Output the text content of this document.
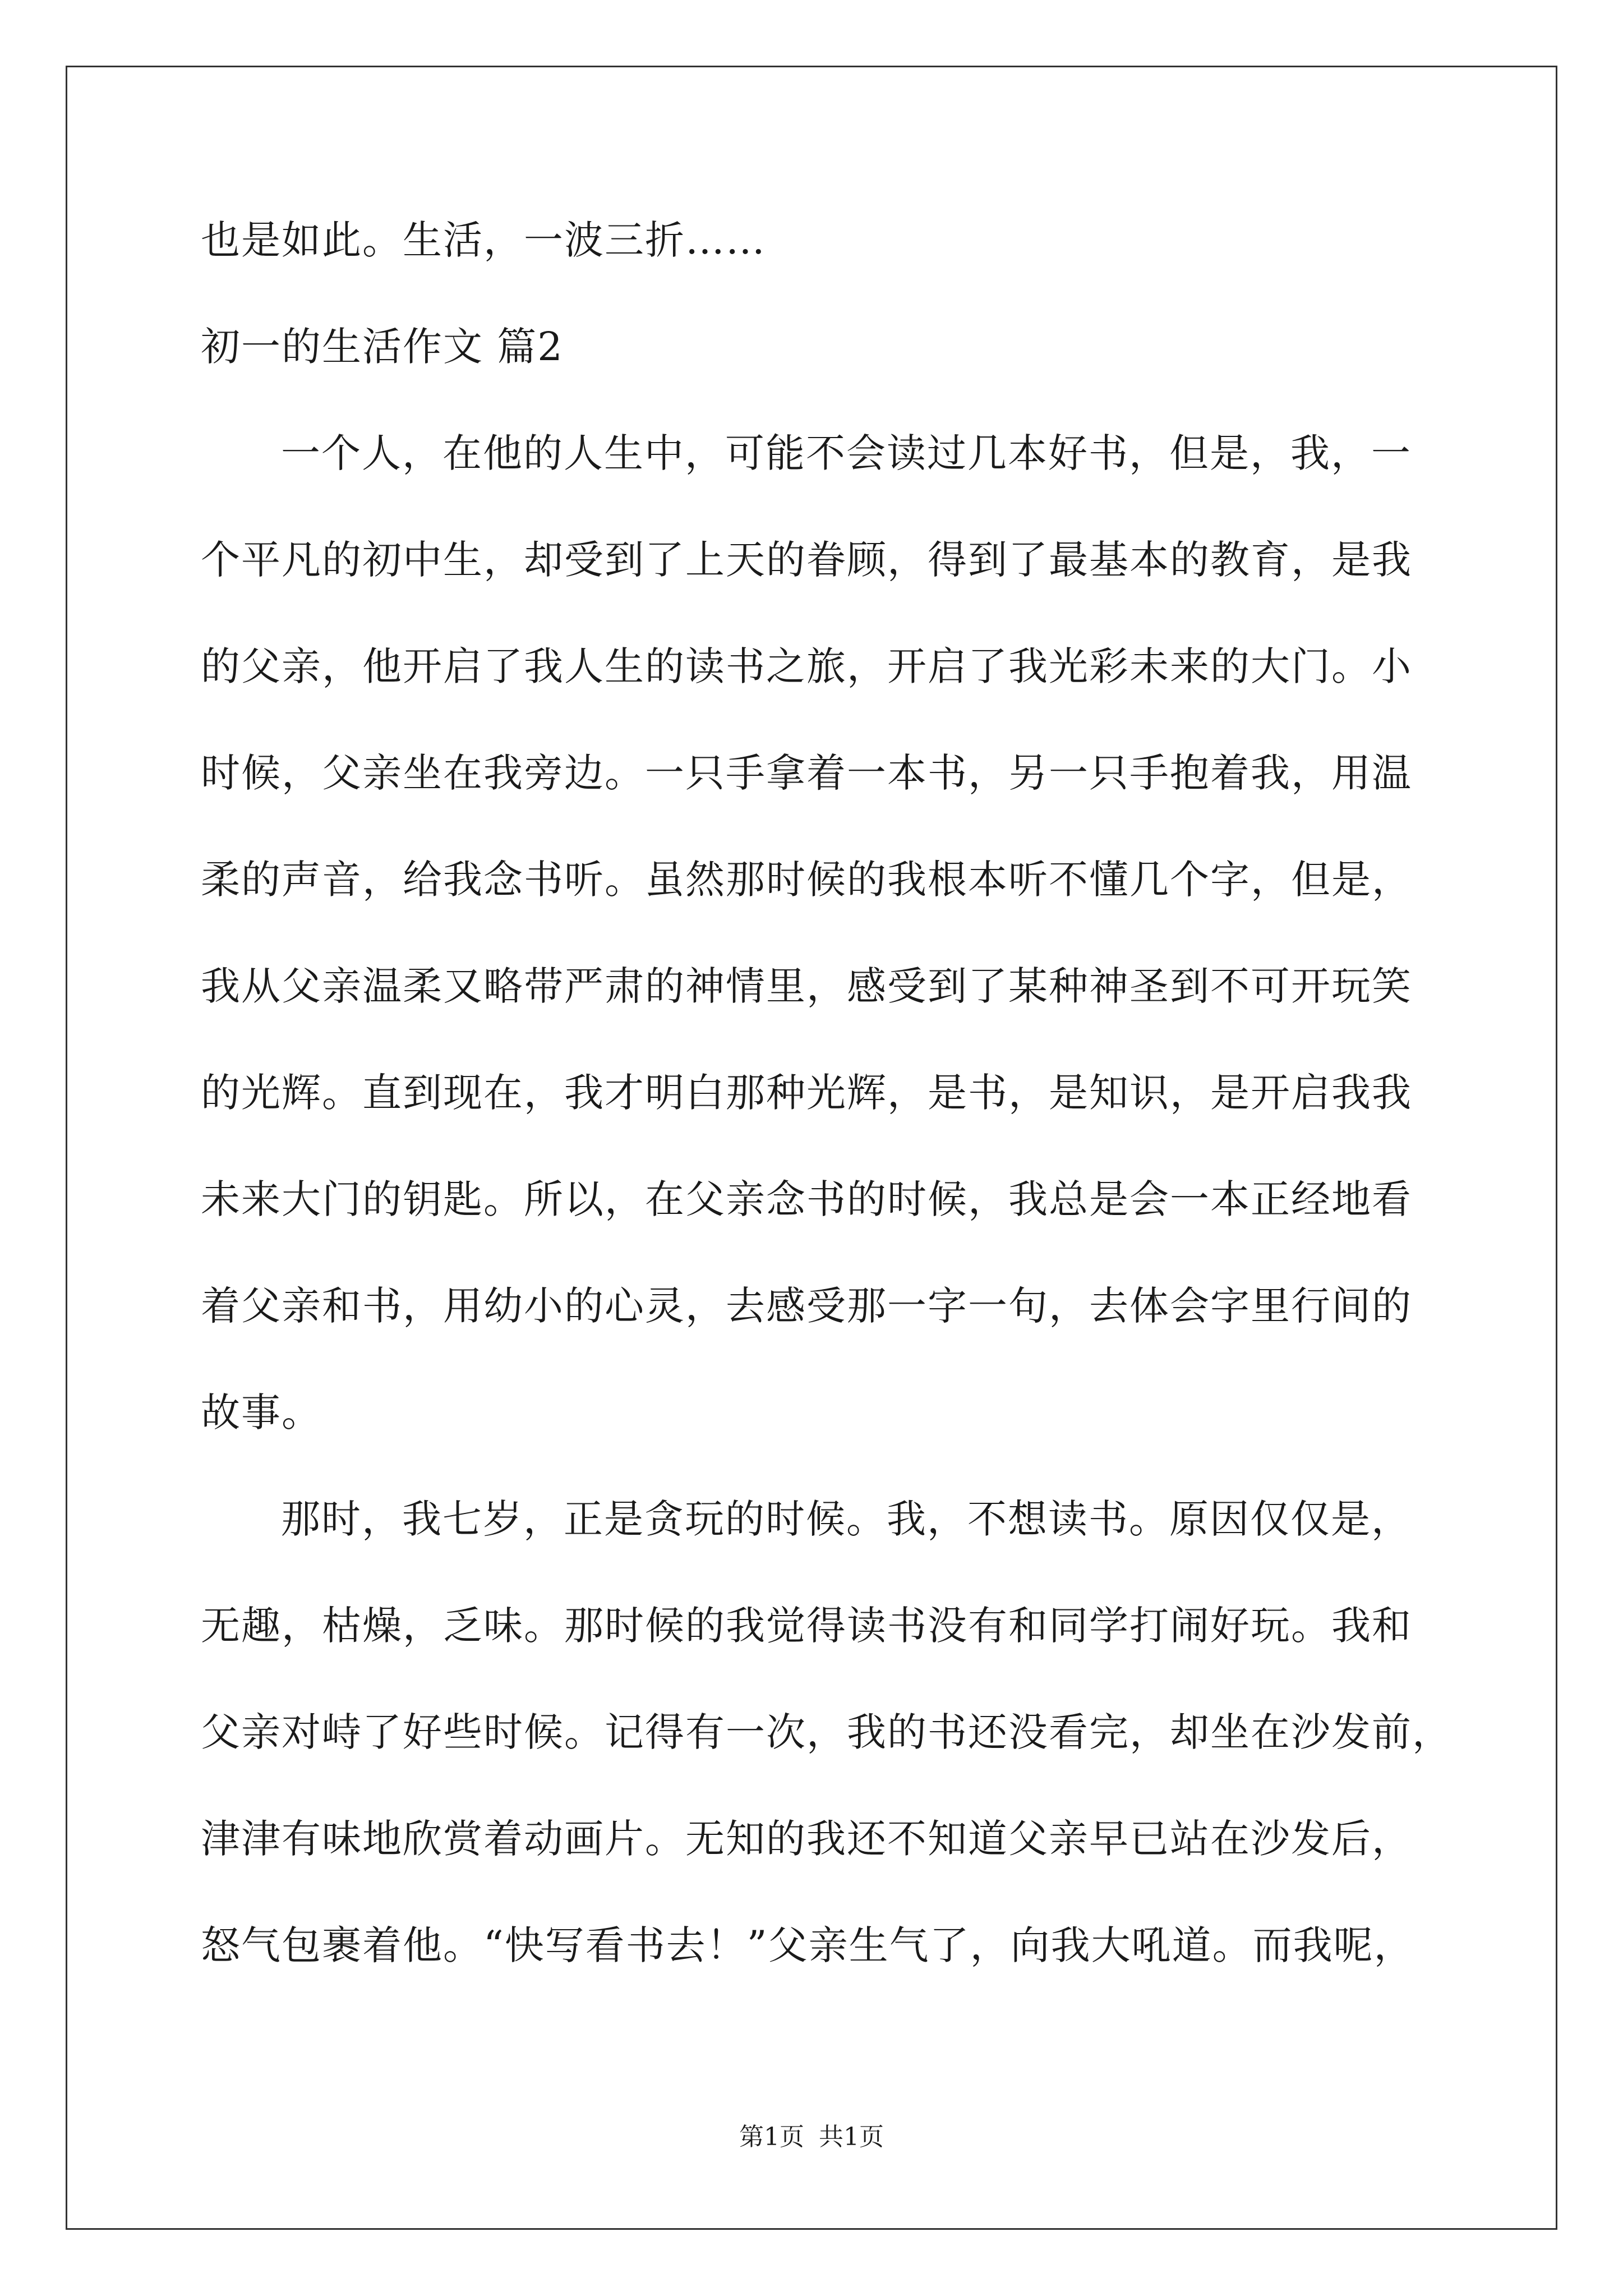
也是如此。生活，一波三折……
初一的生活作文 篇2
一个人，在他的人生中，可能不会读过几本好书，但是，我，一
个平凡的初中生，却受到了上天的眷顾，得到了最基本的教育，是我
的父亲，他开启了我人生的读书之旅，开启了我光彩未来的大门。小
时候，父亲坐在我旁边。一只手拿着一本书，另一只手抱着我，用温
柔的声音，给我念书听。虽然那时候的我根本听不懂几个字，但是，
我从父亲温柔又略带严肃的神情里，感受到了某种神圣到不可开玩笑
的光辉。直到现在，我才明白那种光辉，是书，是知识，是开启我我
未来大门的钥匙。所以，在父亲念书的时候，我总是会一本正经地看
着父亲和书，用幼小的心灵，去感受那一字一句，去体会字里行间的
故事。
那时，我七岁，正是贪玩的时候。我，不想读书。原因仅仅是，
无趣，枯燥，乏味。那时候的我觉得读书没有和同学打闹好玩。我和
父亲对峙了好些时候。记得有一次，我的书还没看完，却坐在沙发前，
津津有味地欣赏着动画片。无知的我还不知道父亲早已站在沙发后，
怒气包裹着他。“快写看书去！”父亲生气了，向我大吼道。而我呢，
第1页 共1页
